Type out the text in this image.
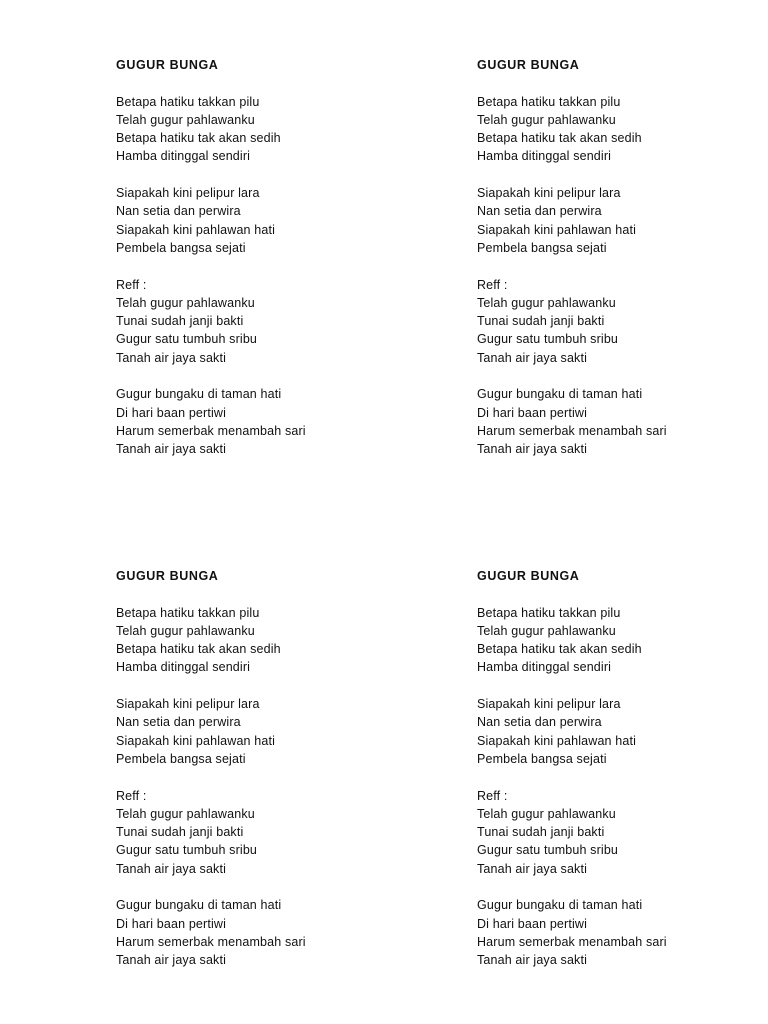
GUGUR BUNGA
Betapa hatiku takkan pilu
Telah gugur pahlawanku
Betapa hatiku tak akan sedih
Hamba ditinggal sendiri
Siapakah kini pelipur lara
Nan setia dan perwira
Siapakah kini pahlawan hati
Pembela bangsa sejati
Reff :
Telah gugur pahlawanku
Tunai sudah janji bakti
Gugur satu tumbuh sribu
Tanah air jaya sakti
Gugur bungaku di taman hati
Di hari baan pertiwi
Harum semerbak menambah sari
Tanah air jaya sakti
GUGUR BUNGA
Betapa hatiku takkan pilu
Telah gugur pahlawanku
Betapa hatiku tak akan sedih
Hamba ditinggal sendiri
Siapakah kini pelipur lara
Nan setia dan perwira
Siapakah kini pahlawan hati
Pembela bangsa sejati
Reff :
Telah gugur pahlawanku
Tunai sudah janji bakti
Gugur satu tumbuh sribu
Tanah air jaya sakti
Gugur bungaku di taman hati
Di hari baan pertiwi
Harum semerbak menambah sari
Tanah air jaya sakti
GUGUR BUNGA
Betapa hatiku takkan pilu
Telah gugur pahlawanku
Betapa hatiku tak akan sedih
Hamba ditinggal sendiri
Siapakah kini pelipur lara
Nan setia dan perwira
Siapakah kini pahlawan hati
Pembela bangsa sejati
Reff :
Telah gugur pahlawanku
Tunai sudah janji bakti
Gugur satu tumbuh sribu
Tanah air jaya sakti
Gugur bungaku di taman hati
Di hari baan pertiwi
Harum semerbak menambah sari
Tanah air jaya sakti
GUGUR BUNGA
Betapa hatiku takkan pilu
Telah gugur pahlawanku
Betapa hatiku tak akan sedih
Hamba ditinggal sendiri
Siapakah kini pelipur lara
Nan setia dan perwira
Siapakah kini pahlawan hati
Pembela bangsa sejati
Reff :
Telah gugur pahlawanku
Tunai sudah janji bakti
Gugur satu tumbuh sribu
Tanah air jaya sakti
Gugur bungaku di taman hati
Di hari baan pertiwi
Harum semerbak menambah sari
Tanah air jaya sakti
